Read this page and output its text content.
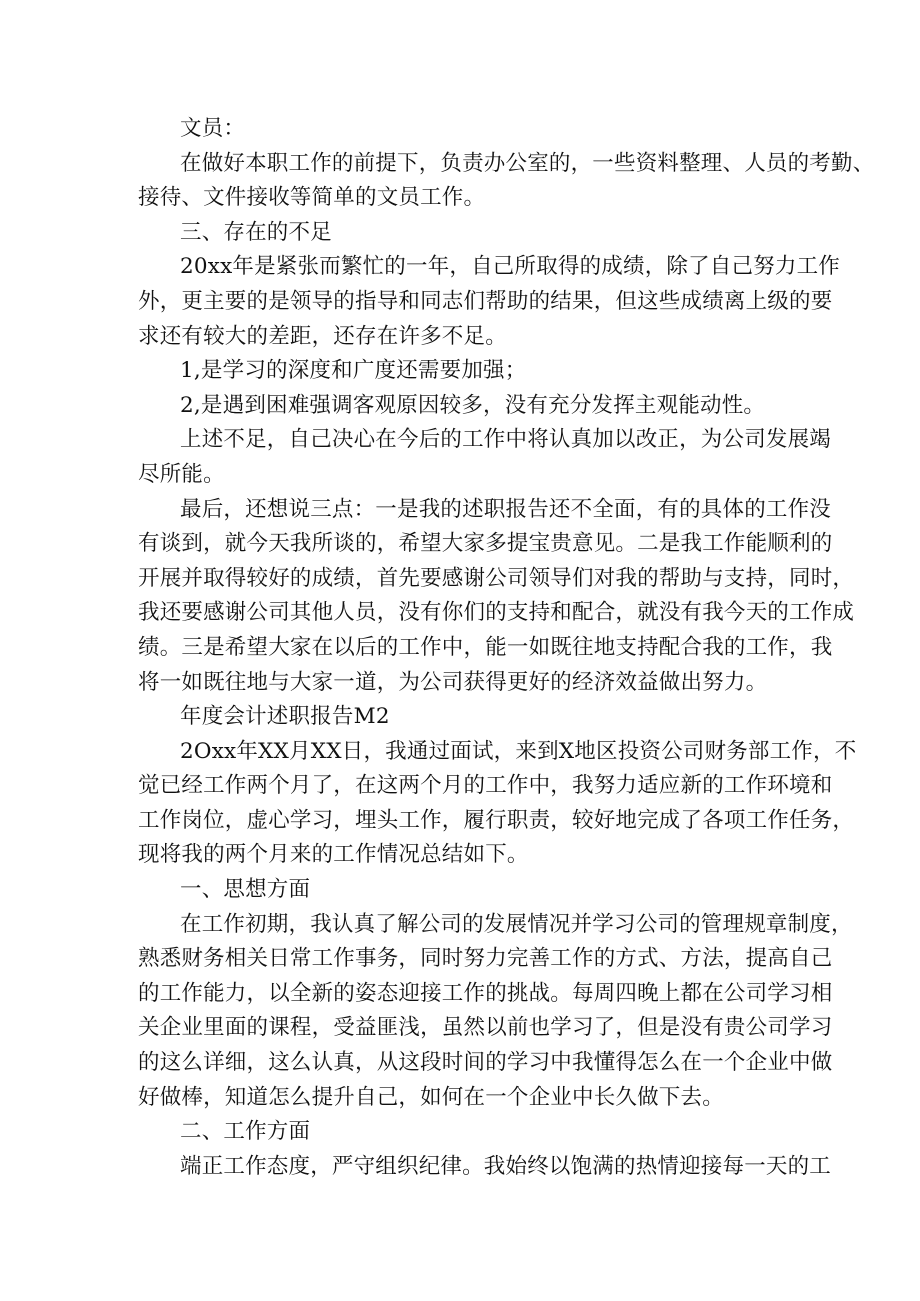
文员：
在做好本职工作的前提下，负责办公室的，一些资料整理、人员的考勤、
接待、文件接收等简单的文员工作。
三、存在的不足
20xx年是紧张而繁忙的一年，自己所取得的成绩，除了自己努力工作
外，更主要的是领导的指导和同志们帮助的结果，但这些成绩离上级的要
求还有较大的差距，还存在许多不足。
1,是学习的深度和广度还需要加强；
2,是遇到困难强调客观原因较多，没有充分发挥主观能动性。
上述不足，自己决心在今后的工作中将认真加以改正，为公司发展竭
尽所能。
最后，还想说三点：一是我的述职报告还不全面，有的具体的工作没
有谈到，就今天我所谈的，希望大家多提宝贵意见。二是我工作能顺利的
开展并取得较好的成绩，首先要感谢公司领导们对我的帮助与支持，同时，
我还要感谢公司其他人员，没有你们的支持和配合，就没有我今天的工作成
绩。三是希望大家在以后的工作中，能一如既往地支持配合我的工作，我
将一如既往地与大家一道，为公司获得更好的经济效益做出努力。
年度会计述职报告M2
2Oxx年XX月XX日，我通过面试，来到X地区投资公司财务部工作，不
觉已经工作两个月了，在这两个月的工作中，我努力适应新的工作环境和
工作岗位，虚心学习，埋头工作，履行职责，较好地完成了各项工作任务，
现将我的两个月来的工作情况总结如下。
一、思想方面
在工作初期，我认真了解公司的发展情况并学习公司的管理规章制度，
熟悉财务相关日常工作事务，同时努力完善工作的方式、方法，提高自己
的工作能力，以全新的姿态迎接工作的挑战。每周四晚上都在公司学习相
关企业里面的课程，受益匪浅，虽然以前也学习了，但是没有贵公司学习
的这么详细，这么认真，从这段时间的学习中我懂得怎么在一个企业中做
好做棒，知道怎么提升自己，如何在一个企业中长久做下去。
二、工作方面
端正工作态度，严守组织纪律。我始终以饱满的热情迎接每一天的工
